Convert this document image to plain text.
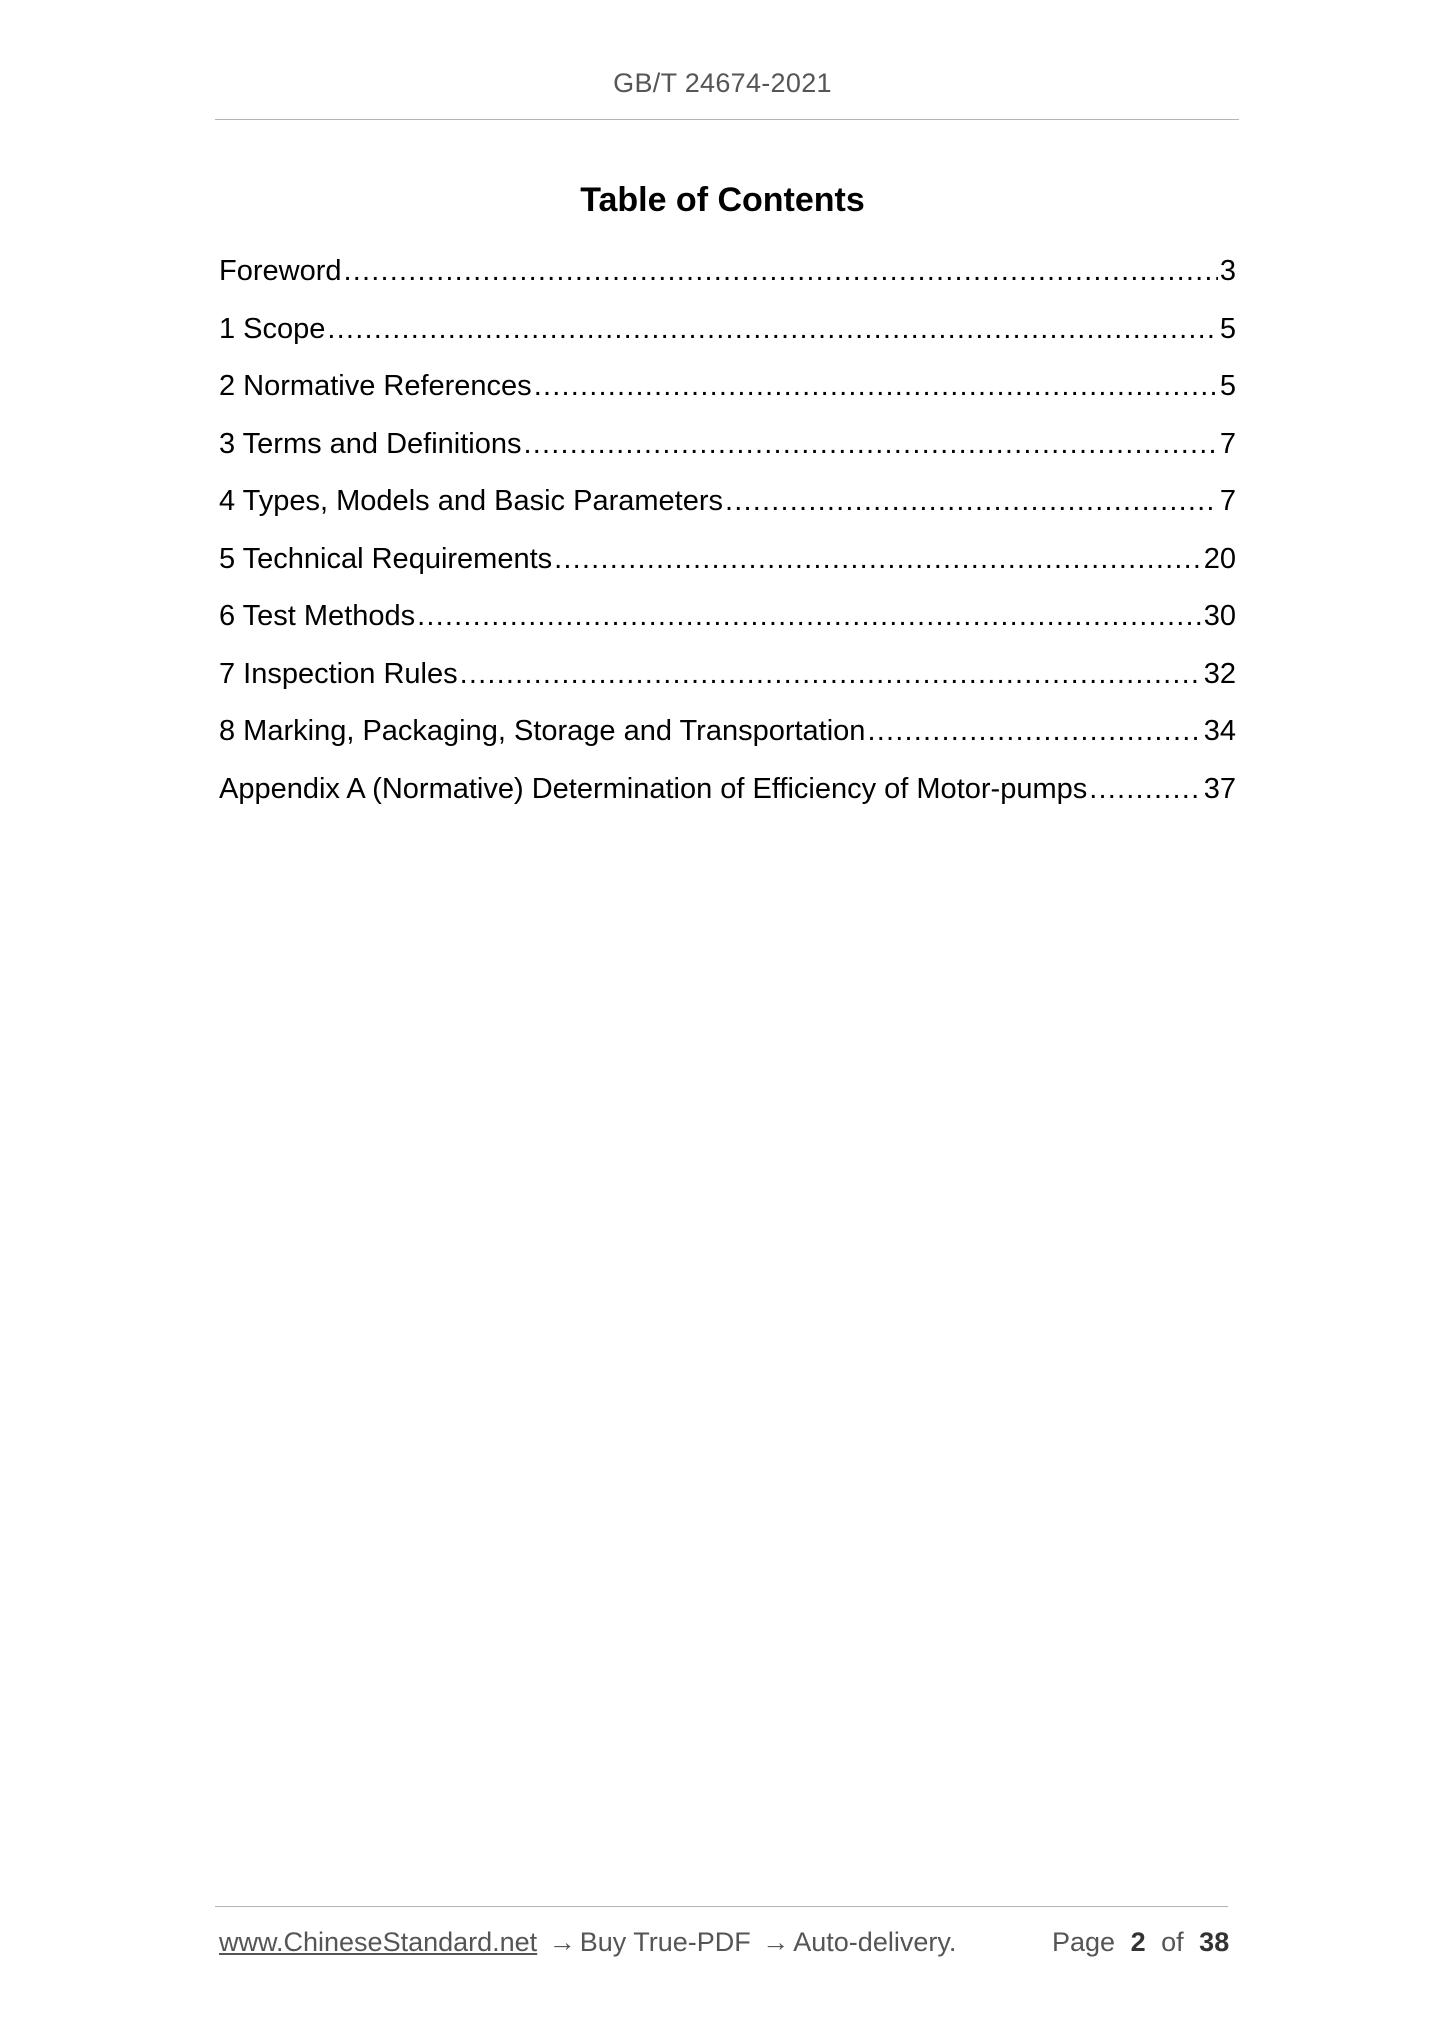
GB/T 24674-2021
Table of Contents
Foreword .....	3
1 Scope .....	5
2 Normative References .....	5
3 Terms and Definitions .....	7
4 Types, Models and Basic Parameters .....	7
5 Technical Requirements .....	20
6 Test Methods .....	30
7 Inspection Rules .....	32
8 Marking, Packaging, Storage and Transportation .....	34
Appendix A (Normative) Determination of Efficiency of Motor-pumps .....	37
www.ChineseStandard.net → Buy True-PDF → Auto-delivery.	Page 2 of 38
